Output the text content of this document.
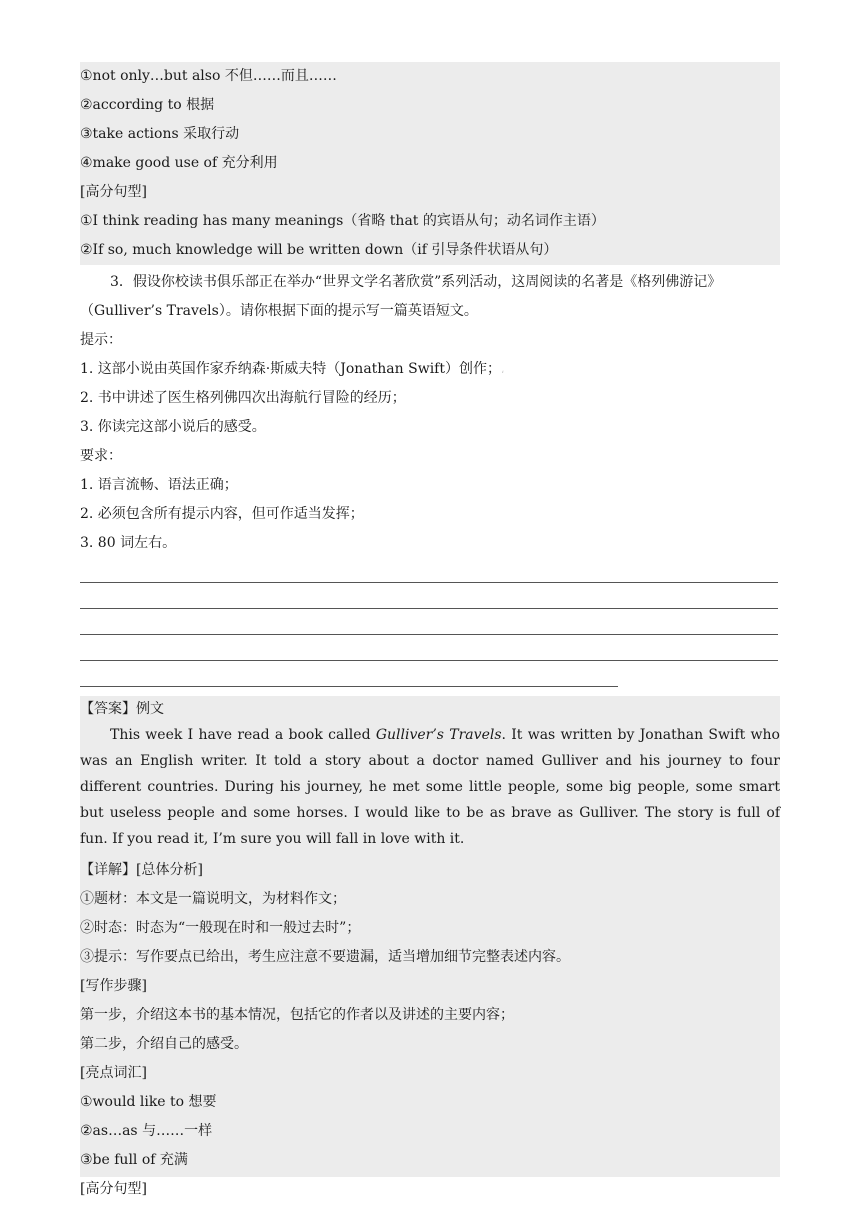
①not only…but also 不但……而且……
②according to 根据
③take actions 采取行动
④make good use of 充分利用
[高分句型]
①I think reading has many meanings（省略 that 的宾语从句；动名词作主语）
②If so, much knowledge will be written down（if 引导条件状语从句）
3．假设你校读书俱乐部正在举办“世界文学名著欣赏”系列活动，这周阅读的名著是《格列佛游记》
（Gulliver’s Travels）。请你根据下面的提示写一篇英语短文。
提示：
1. 这部小说由英国作家乔纳森·斯威夫特（Jonathan Swift）创作；،
2. 书中讲述了医生格列佛四次出海航行冒险的经历；
3. 你读完这部小说后的感受。
要求：
1. 语言流畅、语法正确；
2. 必须包含所有提示内容，但可作适当发挥；
3. 80 词左右。
【答案】例文
This week I have read a book called Gulliver’s Travels. It was written by Jonathan Swift who was an English writer. It told a story about a doctor named Gulliver and his journey to four different countries. During his journey, he met some little people, some big people, some smart but useless people and some horses. I would like to be as brave as Gulliver. The story is full of fun. If you read it, I’m sure you will fall in love with it.
【详解】[总体分析]
①题材：本文是一篇说明文，为材料作文；
②时态：时态为“一般现在时和一般过去时”；
③提示：写作要点已给出，考生应注意不要遗漏，适当增加细节完整表述内容。
[写作步骤]
第一步，介绍这本书的基本情况，包括它的作者以及讲述的主要内容；
第二步，介绍自己的感受。
[亮点词汇]
①would like to 想要
②as…as 与……一样
③be full of 充满
[高分句型]
